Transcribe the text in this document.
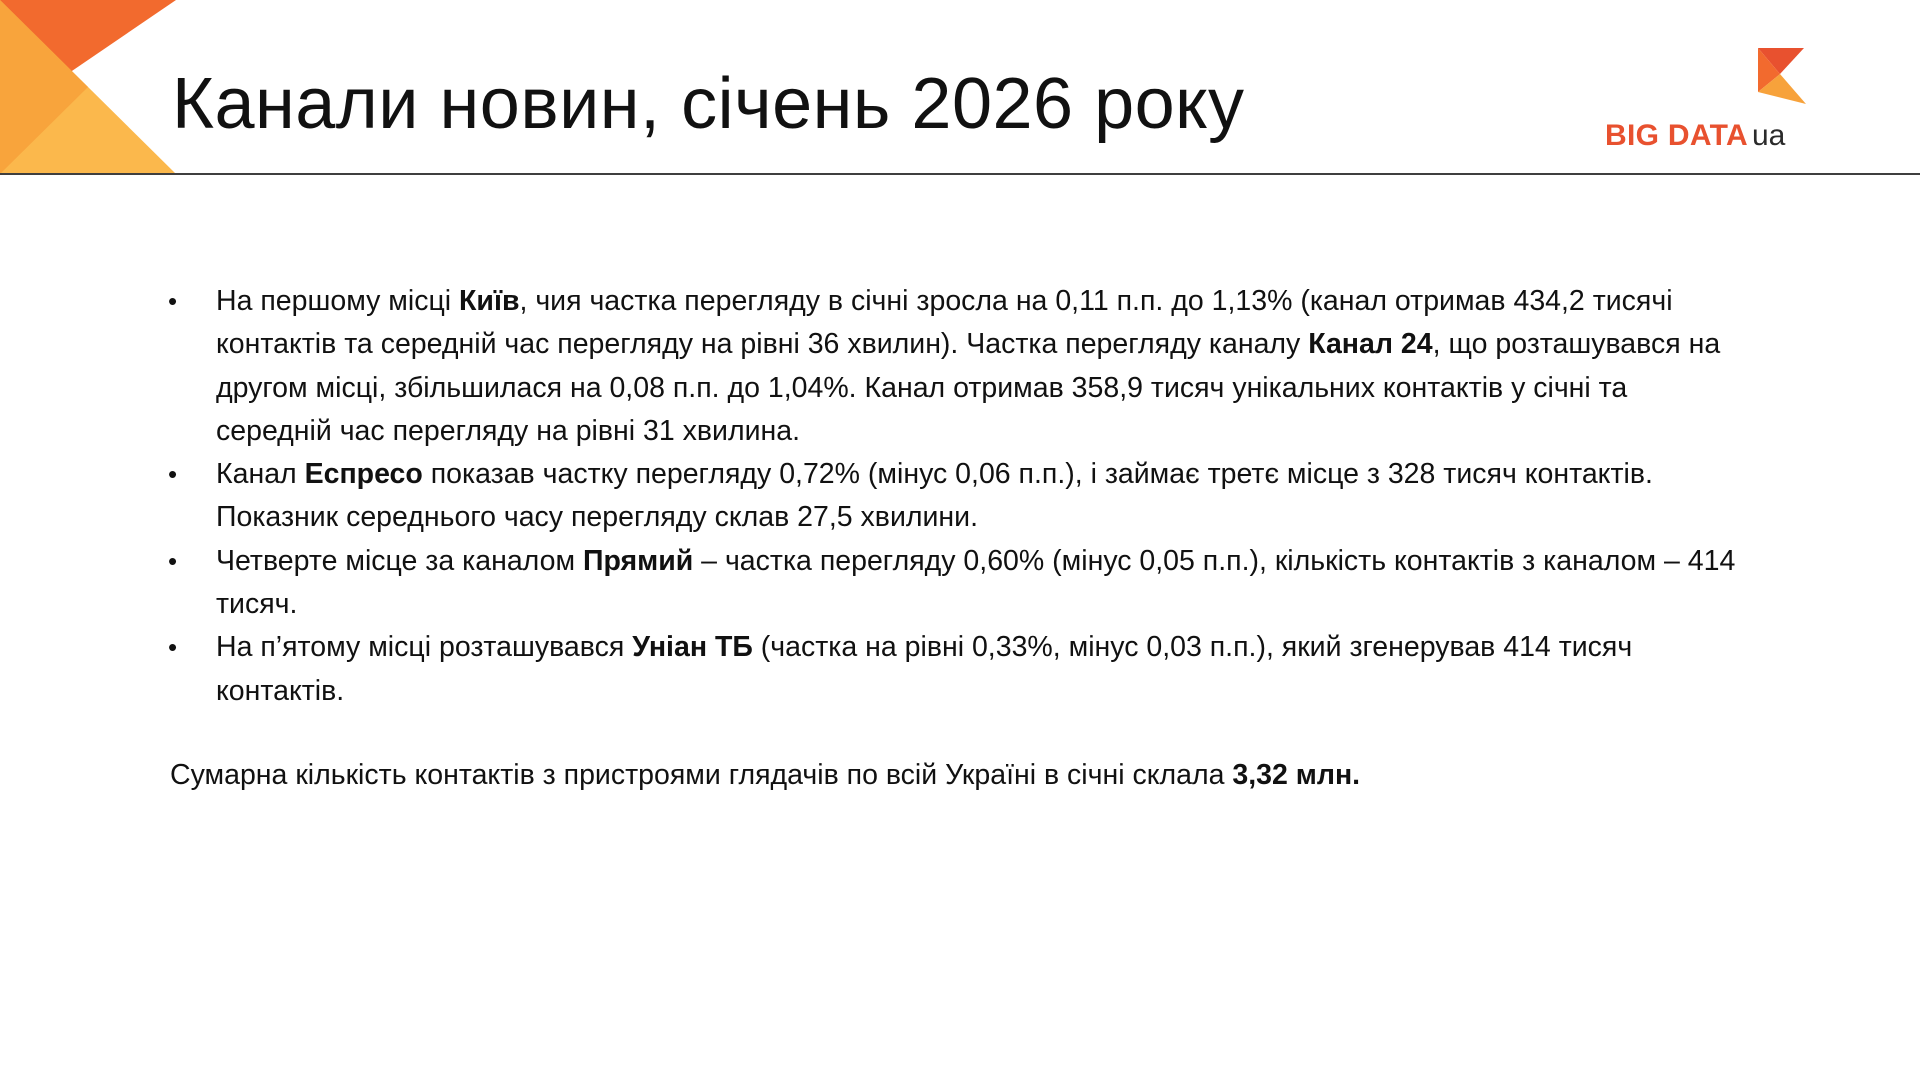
Канали новин, січень 2026 року	BIG DATA ua
• На першому місці Київ, чия частка перегляду в січні зросла на 0,11 п.п. до 1,13% (канал отримав 434,2 тисячі контактів та середній час перегляду на рівні 36 хвилин). Частка перегляду каналу Канал 24, що розташувався на другом місці, збільшилася на 0,08 п.п. до 1,04%. Канал отримав 358,9 тисяч унікальних контактів у січні та середній час перегляду на рівні 31 хвилина.
• Канал Еспресо показав частку перегляду 0,72% (мінус 0,06 п.п.), і займає третє місце з 328 тисяч контактів. Показник середнього часу перегляду склав 27,5 хвилини.
• Четверте місце за каналом Прямий – частка перегляду 0,60% (мінус 0,05 п.п.), кількість контактів з каналом – 414 тисяч.
• На п’ятому місці розташувався Уніан ТБ (частка на рівні 0,33%, мінус 0,03 п.п.), який згенерував 414 тисяч контактів.

Сумарна кількість контактів з пристроями глядачів по всій Україні в січні склала 3,32 млн.
